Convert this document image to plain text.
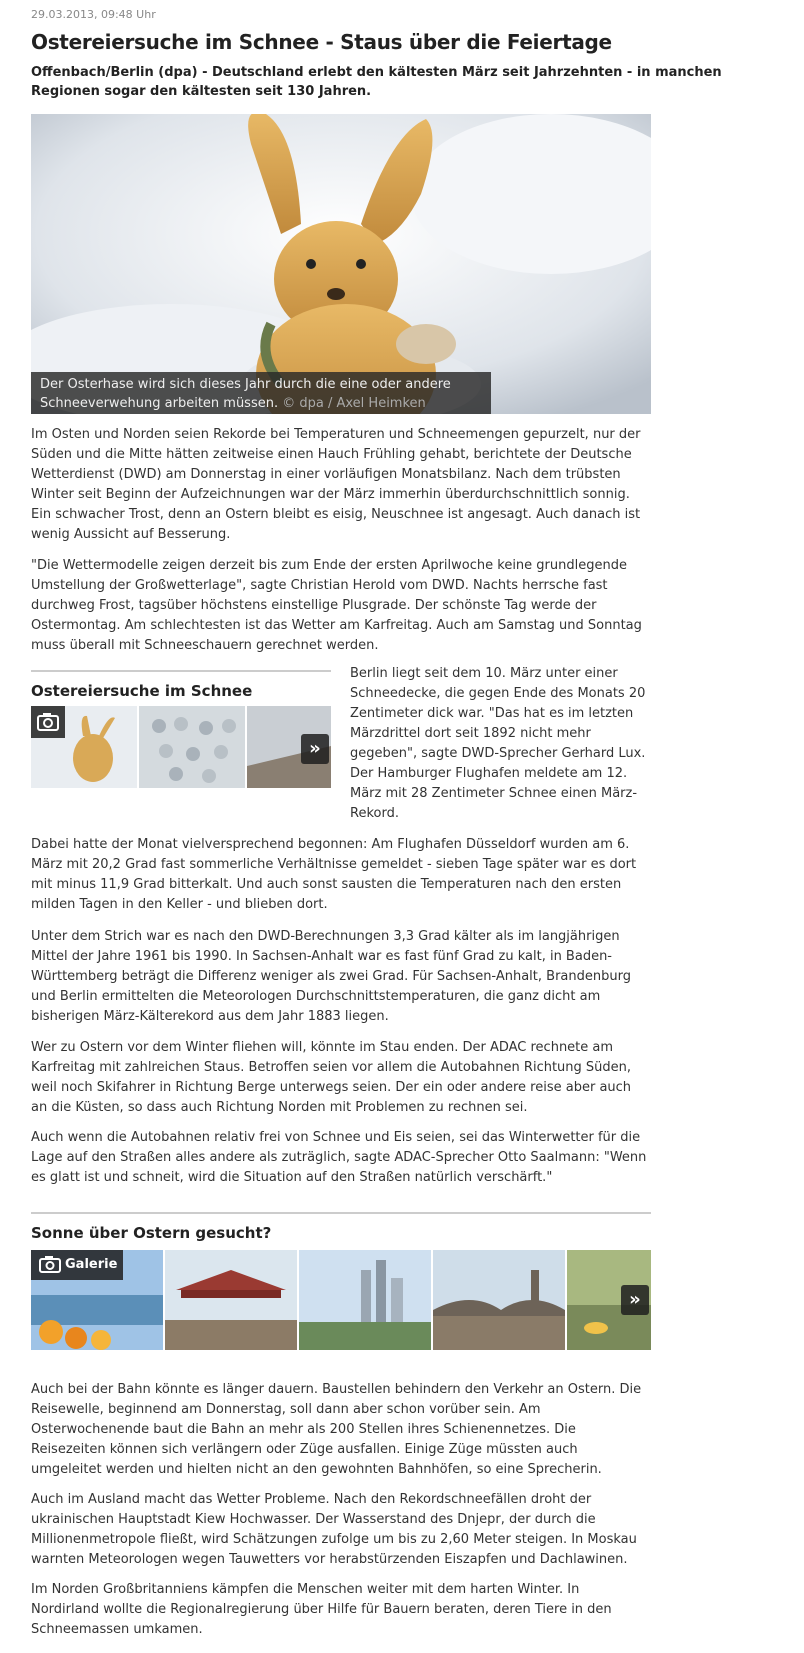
29.03.2013, 09:48 Uhr
Ostereiersuche im Schnee - Staus über die Feiertage

Offenbach/Berlin (dpa) - Deutschland erlebt den kältesten März seit Jahrzehnten - in manchen Regionen sogar den kältesten seit 130 Jahren.

Der Osterhase wird sich dieses Jahr durch die eine oder andere Schneeverwehung arbeiten müssen. © dpa / Axel Heimken

Im Osten und Norden seien Rekorde bei Temperaturen und Schneemengen gepurzelt, nur der Süden und die Mitte hätten zeitweise einen Hauch Frühling gehabt, berichtete der Deutsche Wetterdienst (DWD) am Donnerstag in einer vorläufigen Monatsbilanz. Nach dem trübsten Winter seit Beginn der Aufzeichnungen war der März immerhin überdurchschnittlich sonnig. Ein schwacher Trost, denn an Ostern bleibt es eisig, Neuschnee ist angesagt. Auch danach ist wenig Aussicht auf Besserung.

"Die Wettermodelle zeigen derzeit bis zum Ende der ersten Aprilwoche keine grundlegende Umstellung der Großwetterlage", sagte Christian Herold vom DWD. Nachts herrsche fast durchweg Frost, tagsüber höchstens einstellige Plusgrade. Der schönste Tag werde der Ostermontag. Am schlechtesten ist das Wetter am Karfreitag. Auch am Samstag und Sonntag muss überall mit Schneeschauern gerechnet werden.

Ostereiersuche im Schnee
»

Berlin liegt seit dem 10. März unter einer Schneedecke, die gegen Ende des Monats 20 Zentimeter dick war. "Das hat es im letzten Märzdrittel dort seit 1892 nicht mehr gegeben", sagte DWD-Sprecher Gerhard Lux. Der Hamburger Flughafen meldete am 12. März mit 28 Zentimeter Schnee einen März-Rekord.

Dabei hatte der Monat vielversprechend begonnen: Am Flughafen Düsseldorf wurden am 6. März mit 20,2 Grad fast sommerliche Verhältnisse gemeldet - sieben Tage später war es dort mit minus 11,9 Grad bitterkalt. Und auch sonst sausten die Temperaturen nach den ersten milden Tagen in den Keller - und blieben dort.

Unter dem Strich war es nach den DWD-Berechnungen 3,3 Grad kälter als im langjährigen Mittel der Jahre 1961 bis 1990. In Sachsen-Anhalt war es fast fünf Grad zu kalt, in Baden-Württemberg beträgt die Differenz weniger als zwei Grad. Für Sachsen-Anhalt, Brandenburg und Berlin ermittelten die Meteorologen Durchschnittstemperaturen, die ganz dicht am bisherigen März-Kälterekord aus dem Jahr 1883 liegen.

Wer zu Ostern vor dem Winter fliehen will, könnte im Stau enden. Der ADAC rechnete am Karfreitag mit zahlreichen Staus. Betroffen seien vor allem die Autobahnen Richtung Süden, weil noch Skifahrer in Richtung Berge unterwegs seien. Der ein oder andere reise aber auch an die Küsten, so dass auch Richtung Norden mit Problemen zu rechnen sei.

Auch wenn die Autobahnen relativ frei von Schnee und Eis seien, sei das Winterwetter für die Lage auf den Straßen alles andere als zuträglich, sagte ADAC-Sprecher Otto Saalmann: "Wenn es glatt ist und schneit, wird die Situation auf den Straßen natürlich verschärft."

Sonne über Ostern gesucht?
Galerie
»

Auch bei der Bahn könnte es länger dauern. Baustellen behindern den Verkehr an Ostern. Die Reisewelle, beginnend am Donnerstag, soll dann aber schon vorüber sein. Am Osterwochenende baut die Bahn an mehr als 200 Stellen ihres Schienennetzes. Die Reisezeiten können sich verlängern oder Züge ausfallen. Einige Züge müssten auch umgeleitet werden und hielten nicht an den gewohnten Bahnhöfen, so eine Sprecherin.

Auch im Ausland macht das Wetter Probleme. Nach den Rekordschneefällen droht der ukrainischen Hauptstadt Kiew Hochwasser. Der Wasserstand des Dnjepr, der durch die Millionenmetropole fließt, wird Schätzungen zufolge um bis zu 2,60 Meter steigen. In Moskau warnten Meteorologen wegen Tauwetters vor herabstürzenden Eiszapfen und Dachlawinen.

Im Norden Großbritanniens kämpfen die Menschen weiter mit dem harten Winter. In Nordirland wollte die Regionalregierung über Hilfe für Bauern beraten, deren Tiere in den Schneemassen umkamen.
